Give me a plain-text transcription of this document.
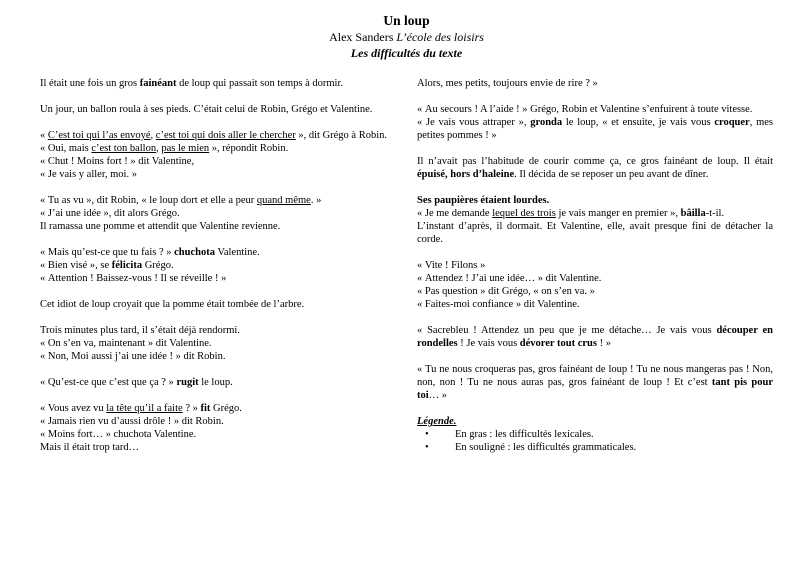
Un loup
Alex Sanders L’école des loisirs
Les difficultés du texte
Il était une fois un gros fainéant de loup qui passait son temps à dormir.
Un jour, un ballon roula à ses pieds. C’était celui de Robin, Grégo et Valentine.
« C’est toi qui l’as envoyé, c’est toi qui dois aller le chercher », dit Grégo à Robin.
« Oui, mais c’est ton ballon, pas le mien », répondit Robin.
« Chut ! Moins fort ! » dit Valentine,
« Je vais y aller, moi. »
« Tu as vu », dit Robin, « le loup dort et elle a peur quand même. »
« J’ai une idée », dit alors Grégo.
Il ramassa une pomme et attendit que Valentine revienne.
« Mais qu’est-ce que tu fais ? » chuchota Valentine.
« Bien visé », se félicita Grégo.
« Attention ! Baissez-vous ! Il se réveille ! »
Cet idiot de loup croyait que la pomme était tombée de l’arbre.
Trois minutes plus tard, il s’était déjà rendormi.
« On s’en va, maintenant » dit Valentine.
« Non, Moi aussi j’ai une idée ! » dit Robin.
« Qu’est-ce que c’est que ça ? » rugit le loup.
« Vous avez vu la tête qu’il a faite ? » fit Grégo.
« Jamais rien vu d’aussi drôle ! » dit Robin.
« Moins fort… » chuchota Valentine.
Mais il était trop tard…
Alors, mes petits, toujours envie de rire ? »
« Au secours ! A l’aide ! » Grégo, Robin et Valentine s’enfuirent à toute vitesse.
« Je vais vous attraper », gronda le loup, « et ensuite, je vais vous croquer, mes petites pommes ! »
Il n’avait pas l’habitude de courir comme ça, ce gros fainéant de loup. Il était épuisé, hors d’haleine. Il décida de se reposer un peu avant de dîner.
Ses paupières étaient lourdes.
« Je me demande lequel des trois je vais manger en premier », bâilla-t-il.
L’instant d’après, il dormait. Et Valentine, elle, avait presque fini de détacher la corde.
« Vite ! Filons »
« Attendez ! J’ai une idée… » dit Valentine.
« Pas question » dit Grégo, « on s’en va. »
« Faites-moi confiance » dit Valentine.
« Sacrebleu ! Attendez un peu que je me détache… Je vais vous découper en rondelles ! Je vais vous dévorer tout crus ! »
« Tu ne nous croqueras pas, gros fainéant de loup ! Tu ne nous mangeras pas ! Non, non, non ! Tu ne nous auras pas, gros fainéant de loup ! Et c’est tant pis pour toi… »
Légende.
•	En gras : les difficultés lexicales.
•	En souligné : les difficultés grammaticales.
